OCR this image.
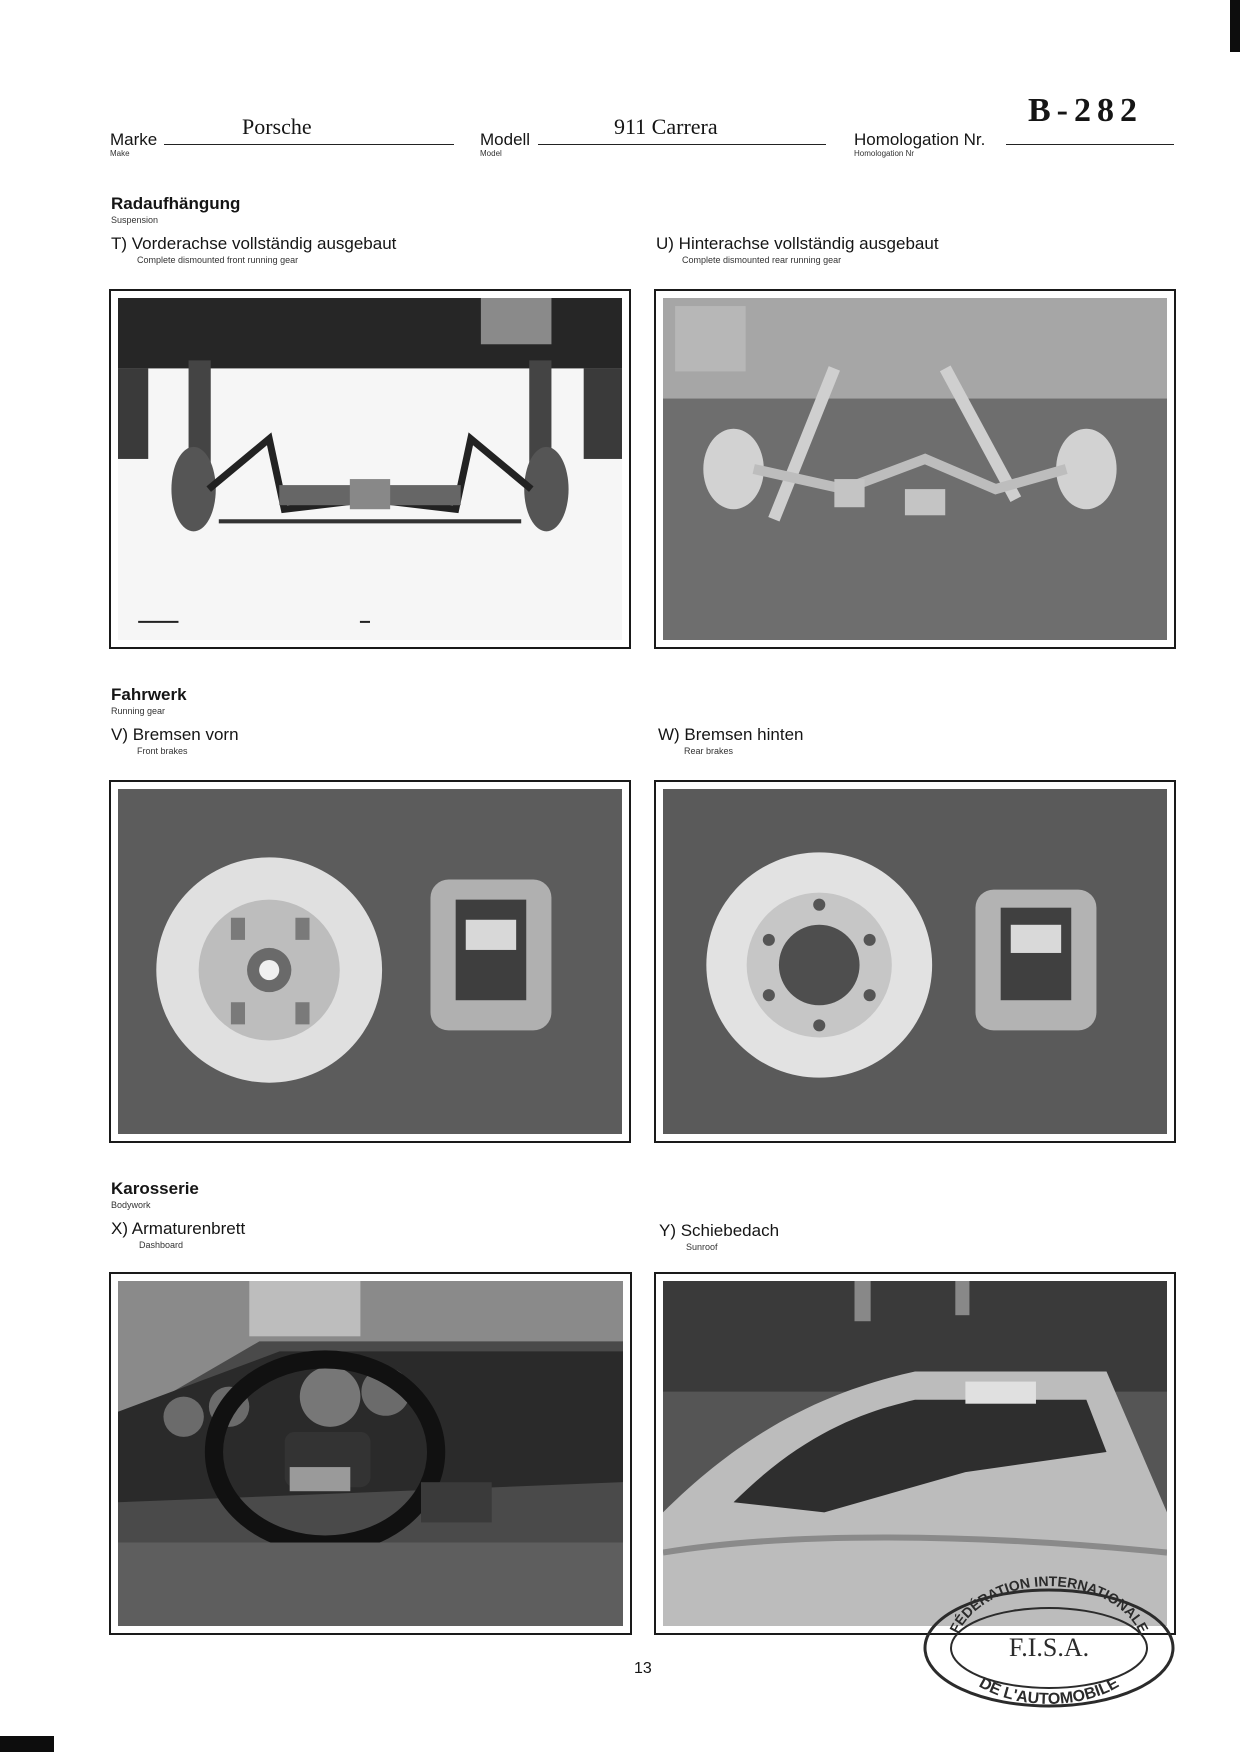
Marke
Make
Porsche
Modell
Model
911 Carrera
Homologation Nr.
Homologation Nr
B-282
Radaufhängung
Suspension
T) Vorderachse vollständig ausgebaut
Complete dismounted front running gear
U) Hinterachse vollständig ausgebaut
Complete dismounted rear running gear
Fahrwerk
Running gear
V) Bremsen vorn
Front brakes
W) Bremsen hinten
Rear brakes
Karosserie
Bodywork
X) Armaturenbrett
Dashboard
Y) Schiebedach
Sunroof
13
FÉDÉRATION INTERNATIONALE
F.I.S.A.
DE L'AUTOMOBILE
